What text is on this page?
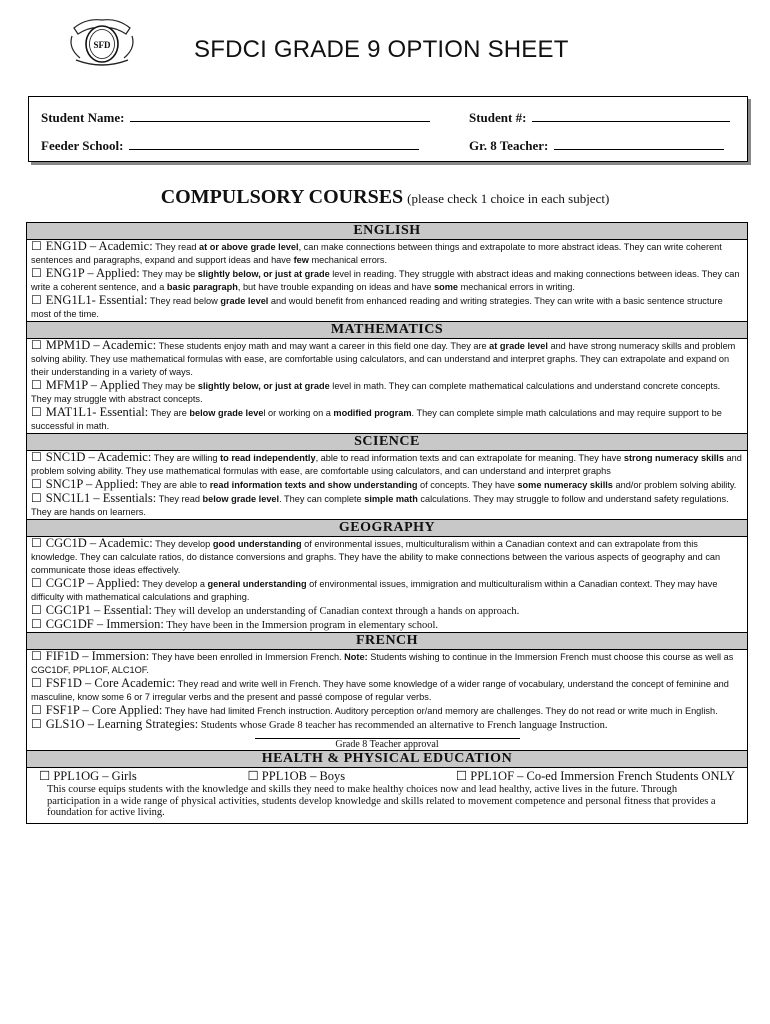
SFD	SFDCI GRADE 9 OPTION SHEET
Student Name:	Student #:
Feeder School:	Gr. 8 Teacher:
COMPULSORY COURSES (please check 1 choice in each subject)
ENGLISH

☐ ENG1D – Academic: They read at or above grade level, can make connections between things and extrapolate to more abstract ideas. They can write coherent sentences and paragraphs, expand and support ideas and have few mechanical errors.

☐ ENG1P – Applied: They may be slightly below, or just at grade level in reading. They struggle with abstract ideas and making connections between ideas. They can write a coherent sentence, and a basic paragraph, but have trouble expanding on ideas and have some mechanical errors in writing.

☐ ENG1L1- Essential: They read below grade level and would benefit from enhanced reading and writing strategies. They can write with a basic sentence structure most of the time.

MATHEMATICS

☐ MPM1D – Academic: These students enjoy math and may want a career in this field one day. They are at grade level and have strong numeracy skills and problem solving ability. They use mathematical formulas with ease, are comfortable using calculators, and can understand and interpret graphs. They can extrapolate and expand on their understanding in a variety of ways.

☐ MFM1P – Applied They may be slightly below, or just at grade level in math. They can complete mathematical calculations and understand concrete concepts. They may struggle with abstract concepts.

☐ MAT1L1- Essential: They are below grade level or working on a modified program. They can complete simple math calculations and may require support to be successful in math.

SCIENCE

☐ SNC1D – Academic: They are willing to read independently, able to read information texts and can extrapolate for meaning. They have strong numeracy skills and problem solving ability. They use mathematical formulas with ease, are comfortable using calculators, and can understand and interpret graphs

☐ SNC1P – Applied: They are able to read information texts and show understanding of concepts. They have some numeracy skills and/or problem solving ability.

☐ SNC1L1 – Essentials: They read below grade level. They can complete simple math calculations. They may struggle to follow and understand safety regulations. They are hands on learners.

GEOGRAPHY

☐ CGC1D – Academic: They develop good understanding of environmental issues, multiculturalism within a Canadian context and can extrapolate from this knowledge. They can calculate ratios, do distance conversions and graphs. They have the ability to make connections between the various aspects of geography and can communicate those ideas effectively.

☐ CGC1P – Applied: They develop a general understanding of environmental issues, immigration and multiculturalism within a Canadian context. They may have difficulty with mathematical calculations and graphing.

☐ CGC1P1 – Essential: They will develop an understanding of Canadian context through a hands on approach.

☐ CGC1DF – Immersion: They have been in the Immersion program in elementary school.

FRENCH

☐ FIF1D – Immersion: They have been enrolled in Immersion French. Note: Students wishing to continue in the Immersion French must choose this course as well as CGC1DF, PPL1OF, ALC1OF.

☐ FSF1D – Core Academic: They read and write well in French. They have some knowledge of a wider range of vocabulary, understand the concept of feminine and masculine, know some 6 or 7 irregular verbs and the present and passé compose of regular verbs.

☐ FSF1P – Core Applied: They have had limited French instruction. Auditory perception or/and memory are challenges. They do not read or write much in English.

☐ GLS1O – Learning Strategies: Students whose Grade 8 teacher has recommended an alternative to French language Instruction.

Grade 8 Teacher approval
HEALTH & PHYSICAL EDUCATION
☐ PPL1OG – Girls	☐ PPL1OB – Boys	☐ PPL1OF – Co-ed Immersion French Students ONLY
This course equips students with the knowledge and skills they need to make healthy choices now and lead healthy, active lives in the future. Through participation in a wide range of physical activities, students develop knowledge and skills related to movement competence and personal fitness that provides a foundation for active living.
